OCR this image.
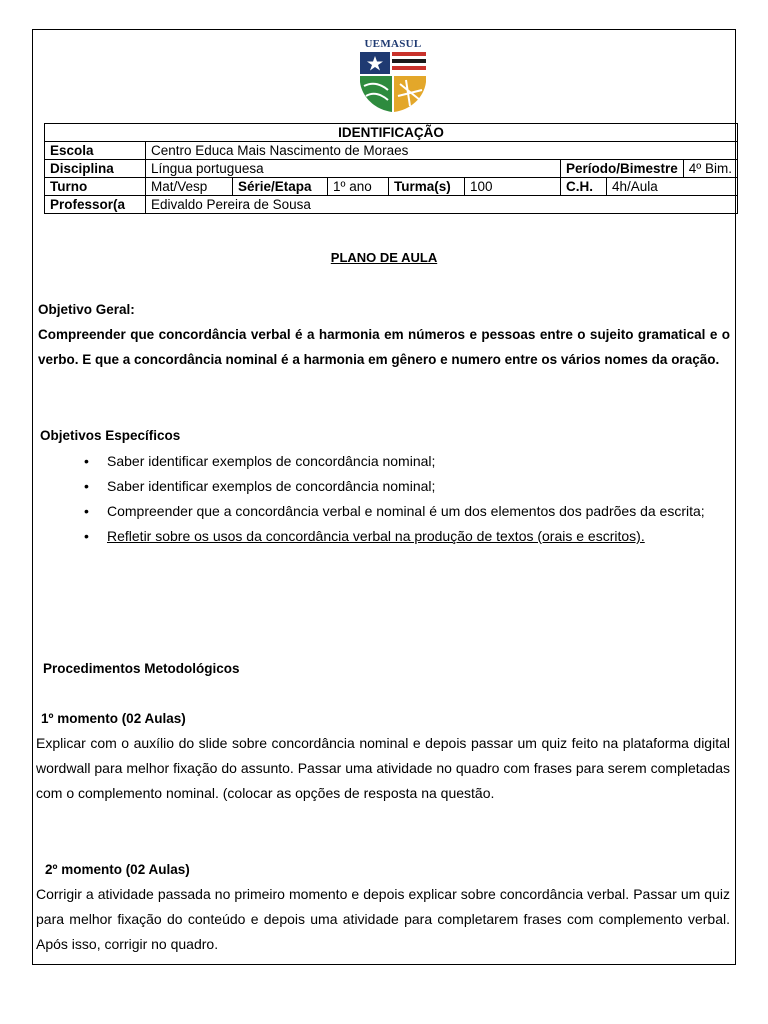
UEMASUL
IDENTIFICAÇÃO								
Escola	Centro Educa Mais Nascimento de Moraes							
Disciplina	Língua portuguesa					Período/Bimestre		4º Bim.
Turno	Mat/Vesp	Série/Etapa	1º ano	Turma(s)	100	C.H.	4h/Aula	
Professor(a	Edivaldo Pereira de Sousa							
PLANO DE AULA
Objetivo Geral:
Compreender que concordância verbal é a harmonia em números e pessoas entre o sujeito gramatical e o verbo. E que a concordância nominal é a harmonia em gênero e numero entre os vários nomes da oração.
Objetivos Específicos
• Saber identificar exemplos de concordância nominal;
• Saber identificar exemplos de concordância nominal;
• Compreender que a concordância verbal e nominal é um dos elementos dos padrões da escrita;
• Refletir sobre os usos da concordância verbal na produção de textos (orais e escritos).
Procedimentos Metodológicos
1º momento (02 Aulas)
Explicar com o auxílio do slide sobre concordância nominal e depois passar um quiz feito na plataforma digital wordwall para melhor fixação do assunto. Passar uma atividade no quadro com frases para serem completadas com o complemento nominal. (colocar as opções de resposta na questão.
2º momento (02 Aulas)
Corrigir a atividade passada no primeiro momento e depois explicar sobre concordância verbal. Passar um quiz para melhor fixação do conteúdo e depois uma atividade para completarem frases com complemento verbal. Após isso, corrigir no quadro.
